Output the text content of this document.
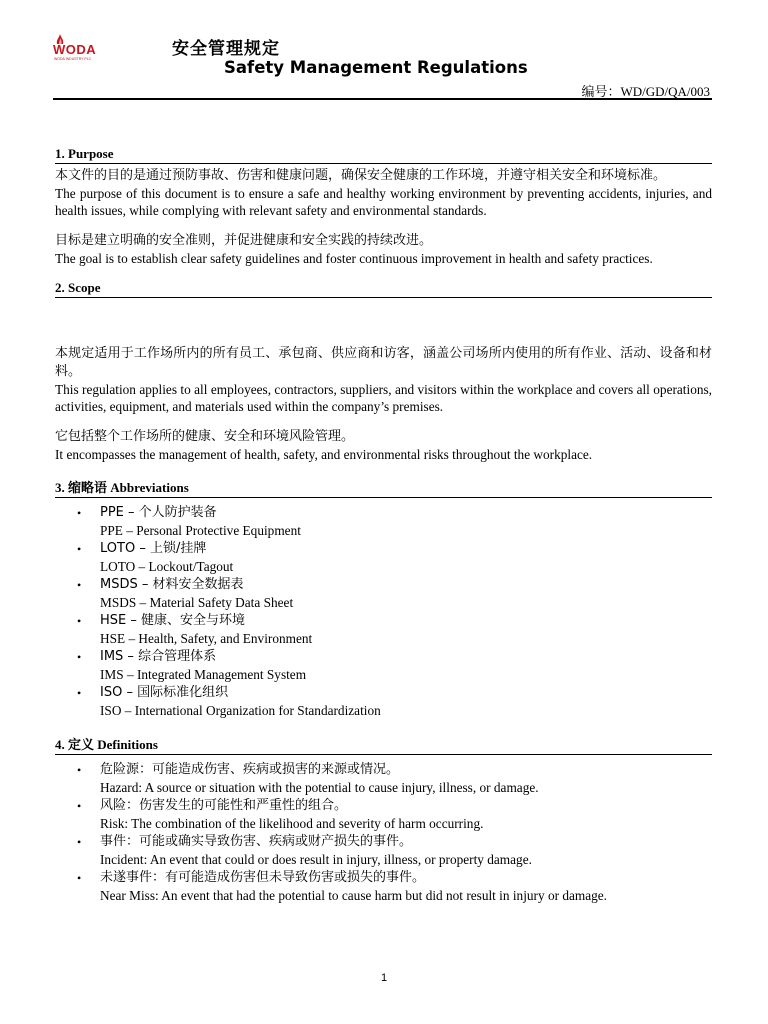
WODA
WODA INDUSTRY PLC	安全管理规定
Safety Management Regulations
编号：WD/GD/QA/003
1. Purpose

本文件的目的是通过预防事故、伤害和健康问题，确保安全健康的工作环境，并遵守相关安全和环境标准。

The purpose of this document is to ensure a safe and healthy working environment by preventing accidents, injuries, and health issues, while complying with relevant safety and environmental standards.

目标是建立明确的安全准则，并促进健康和安全实践的持续改进。

The goal is to establish clear safety guidelines and foster continuous improvement in health and safety practices.

2. Scope

本规定适用于工作场所内的所有员工、承包商、供应商和访客，涵盖公司场所内使用的所有作业、活动、设备和材料。

This regulation applies to all employees, contractors, suppliers, and visitors within the workplace and covers all operations, activities, equipment, and materials used within the company’s premises.

它包括整个工作场所的健康、安全和环境风险管理。

It encompasses the management of health, safety, and environmental risks throughout the workplace.

3. 缩略语 Abbreviations
• PPE – 个人防护装备
PPE – Personal Protective Equipment
• LOTO – 上锁/挂牌
LOTO – Lockout/Tagout
• MSDS – 材料安全数据表
MSDS – Material Safety Data Sheet
• HSE – 健康、安全与环境
HSE – Health, Safety, and Environment
• IMS – 综合管理体系
IMS – Integrated Management System
• ISO – 国际标准化组织
ISO – International Organization for Standardization
4. 定义 Definitions
• 危险源：可能造成伤害、疾病或损害的来源或情况。
Hazard: A source or situation with the potential to cause injury, illness, or damage.
• 风险：伤害发生的可能性和严重性的组合。
Risk: The combination of the likelihood and severity of harm occurring.
• 事件：可能或确实导致伤害、疾病或财产损失的事件。
Incident: An event that could or does result in injury, illness, or property damage.
• 未遂事件：有可能造成伤害但未导致伤害或损失的事件。
Near Miss: An event that had the potential to cause harm but did not result in injury or damage.
1
